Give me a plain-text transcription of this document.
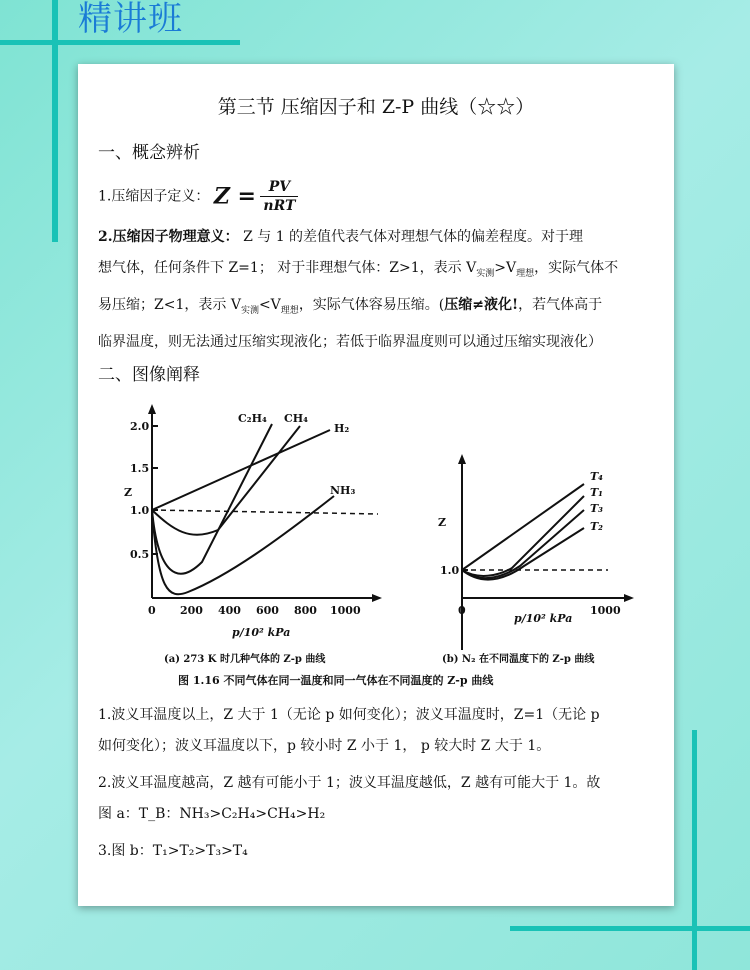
精讲班
第三节 压缩因子和 Z-P 曲线（☆☆）
一、概念辨析
1.压缩因子定义： $Z = \frac{PV}{\text{nRT}}$
2.压缩因子物理意义： Z 与 1 的差值代表气体对理想气体的偏差程度。对于理
想气体，任何条件下 Z=1； 对于非理想气体：Z>1，表示 $V_{实测}>V_{理想}$，实际气体不
易压缩；Z<1，表示 $V_{实测}<V_{理想}$，实际气体容易压缩。(压缩≠液化!，若气体高于
临界温度，则无法通过压缩实现液化；若低于临界温度则可以通过压缩实现液化）
二、图像阐释
Z
2.0
1.5
1.0
0.5
0 200 400 600 800 1000
p/10² kPa
C₂H₄ CH₄
H₂
NH₃
(a) 273 K 时几种气体的 Z-p 曲线
Z
1.0
0	1000
p/10² kPa
T₄
T₁
T₃
T₂
(b) N₂ 在不同温度下的 Z-p 曲线
图 1.16 不同气体在同一温度和同一气体在不同温度的 Z-p 曲线
1.波义耳温度以上，Z 大于 1（无论 p 如何变化）；波义耳温度时，Z=1（无论 p
如何变化）；波义耳温度以下，p 较小时 Z 小于 1， p 较大时 Z 大于 1。
2.波义耳温度越高，Z 越有可能小于 1；波义耳温度越低，Z 越有可能大于 1。故
图 a：T_B：NH₃>C₂H₄>CH₄>H₂
3.图 b：T₁>T₂>T₃>T₄
